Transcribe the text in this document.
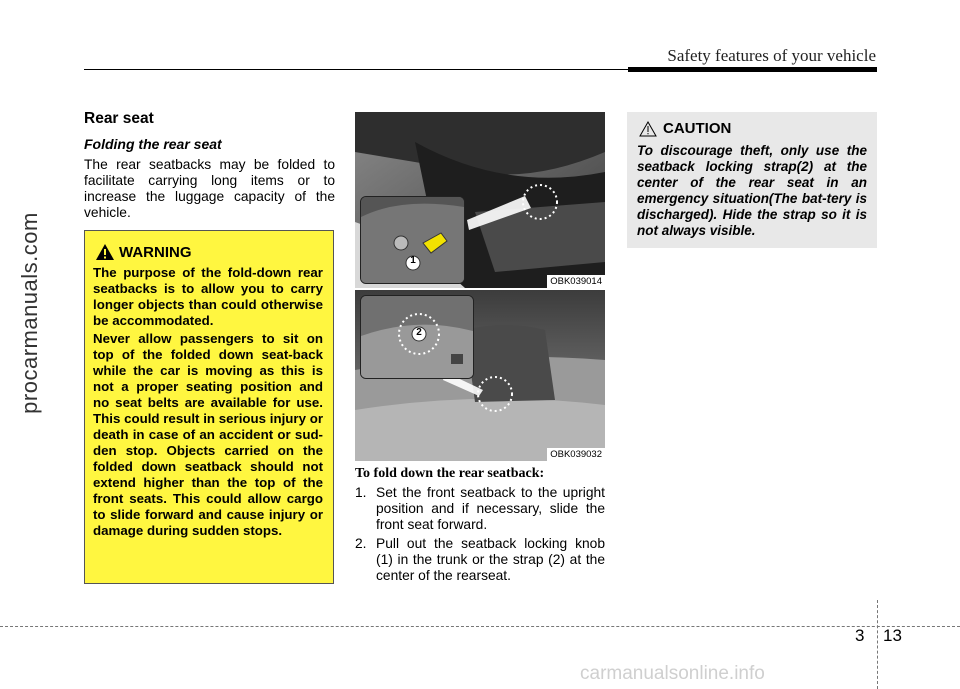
Safety features of your vehicle
procarmanuals.com
Rear seat
Folding the rear seat
The rear seatbacks may be folded to facilitate carrying long items or to increase the luggage capacity of the vehicle.
WARNING
The purpose of the fold-down rear seatbacks is to allow you to carry longer objects than could otherwise be accommodated.
Never allow passengers to sit on top of the folded down seat-back while the car is moving as this is not a proper seating position and no seat belts are available for use. This could result in serious injury or death in case of an accident or sud-den stop. Objects carried on the folded down seatback should not extend higher than the top of the front seats. This could allow cargo to slide forward and cause injury or damage during sudden stops.
1
OBK039014
2
OBK039032
To fold down the rear seatback:
1. Set the front seatback to the upright position and if necessary, slide the front seat forward.
2. Pull out the seatback locking knob (1) in the trunk or the strap (2) at the center of the rearseat.
CAUTION
To discourage theft, only use the seatback locking strap(2) at the center of the rear seat in an emergency situation(The bat-tery is discharged). Hide the strap so it is not always visible.
3 13
carmanualsonline.info
